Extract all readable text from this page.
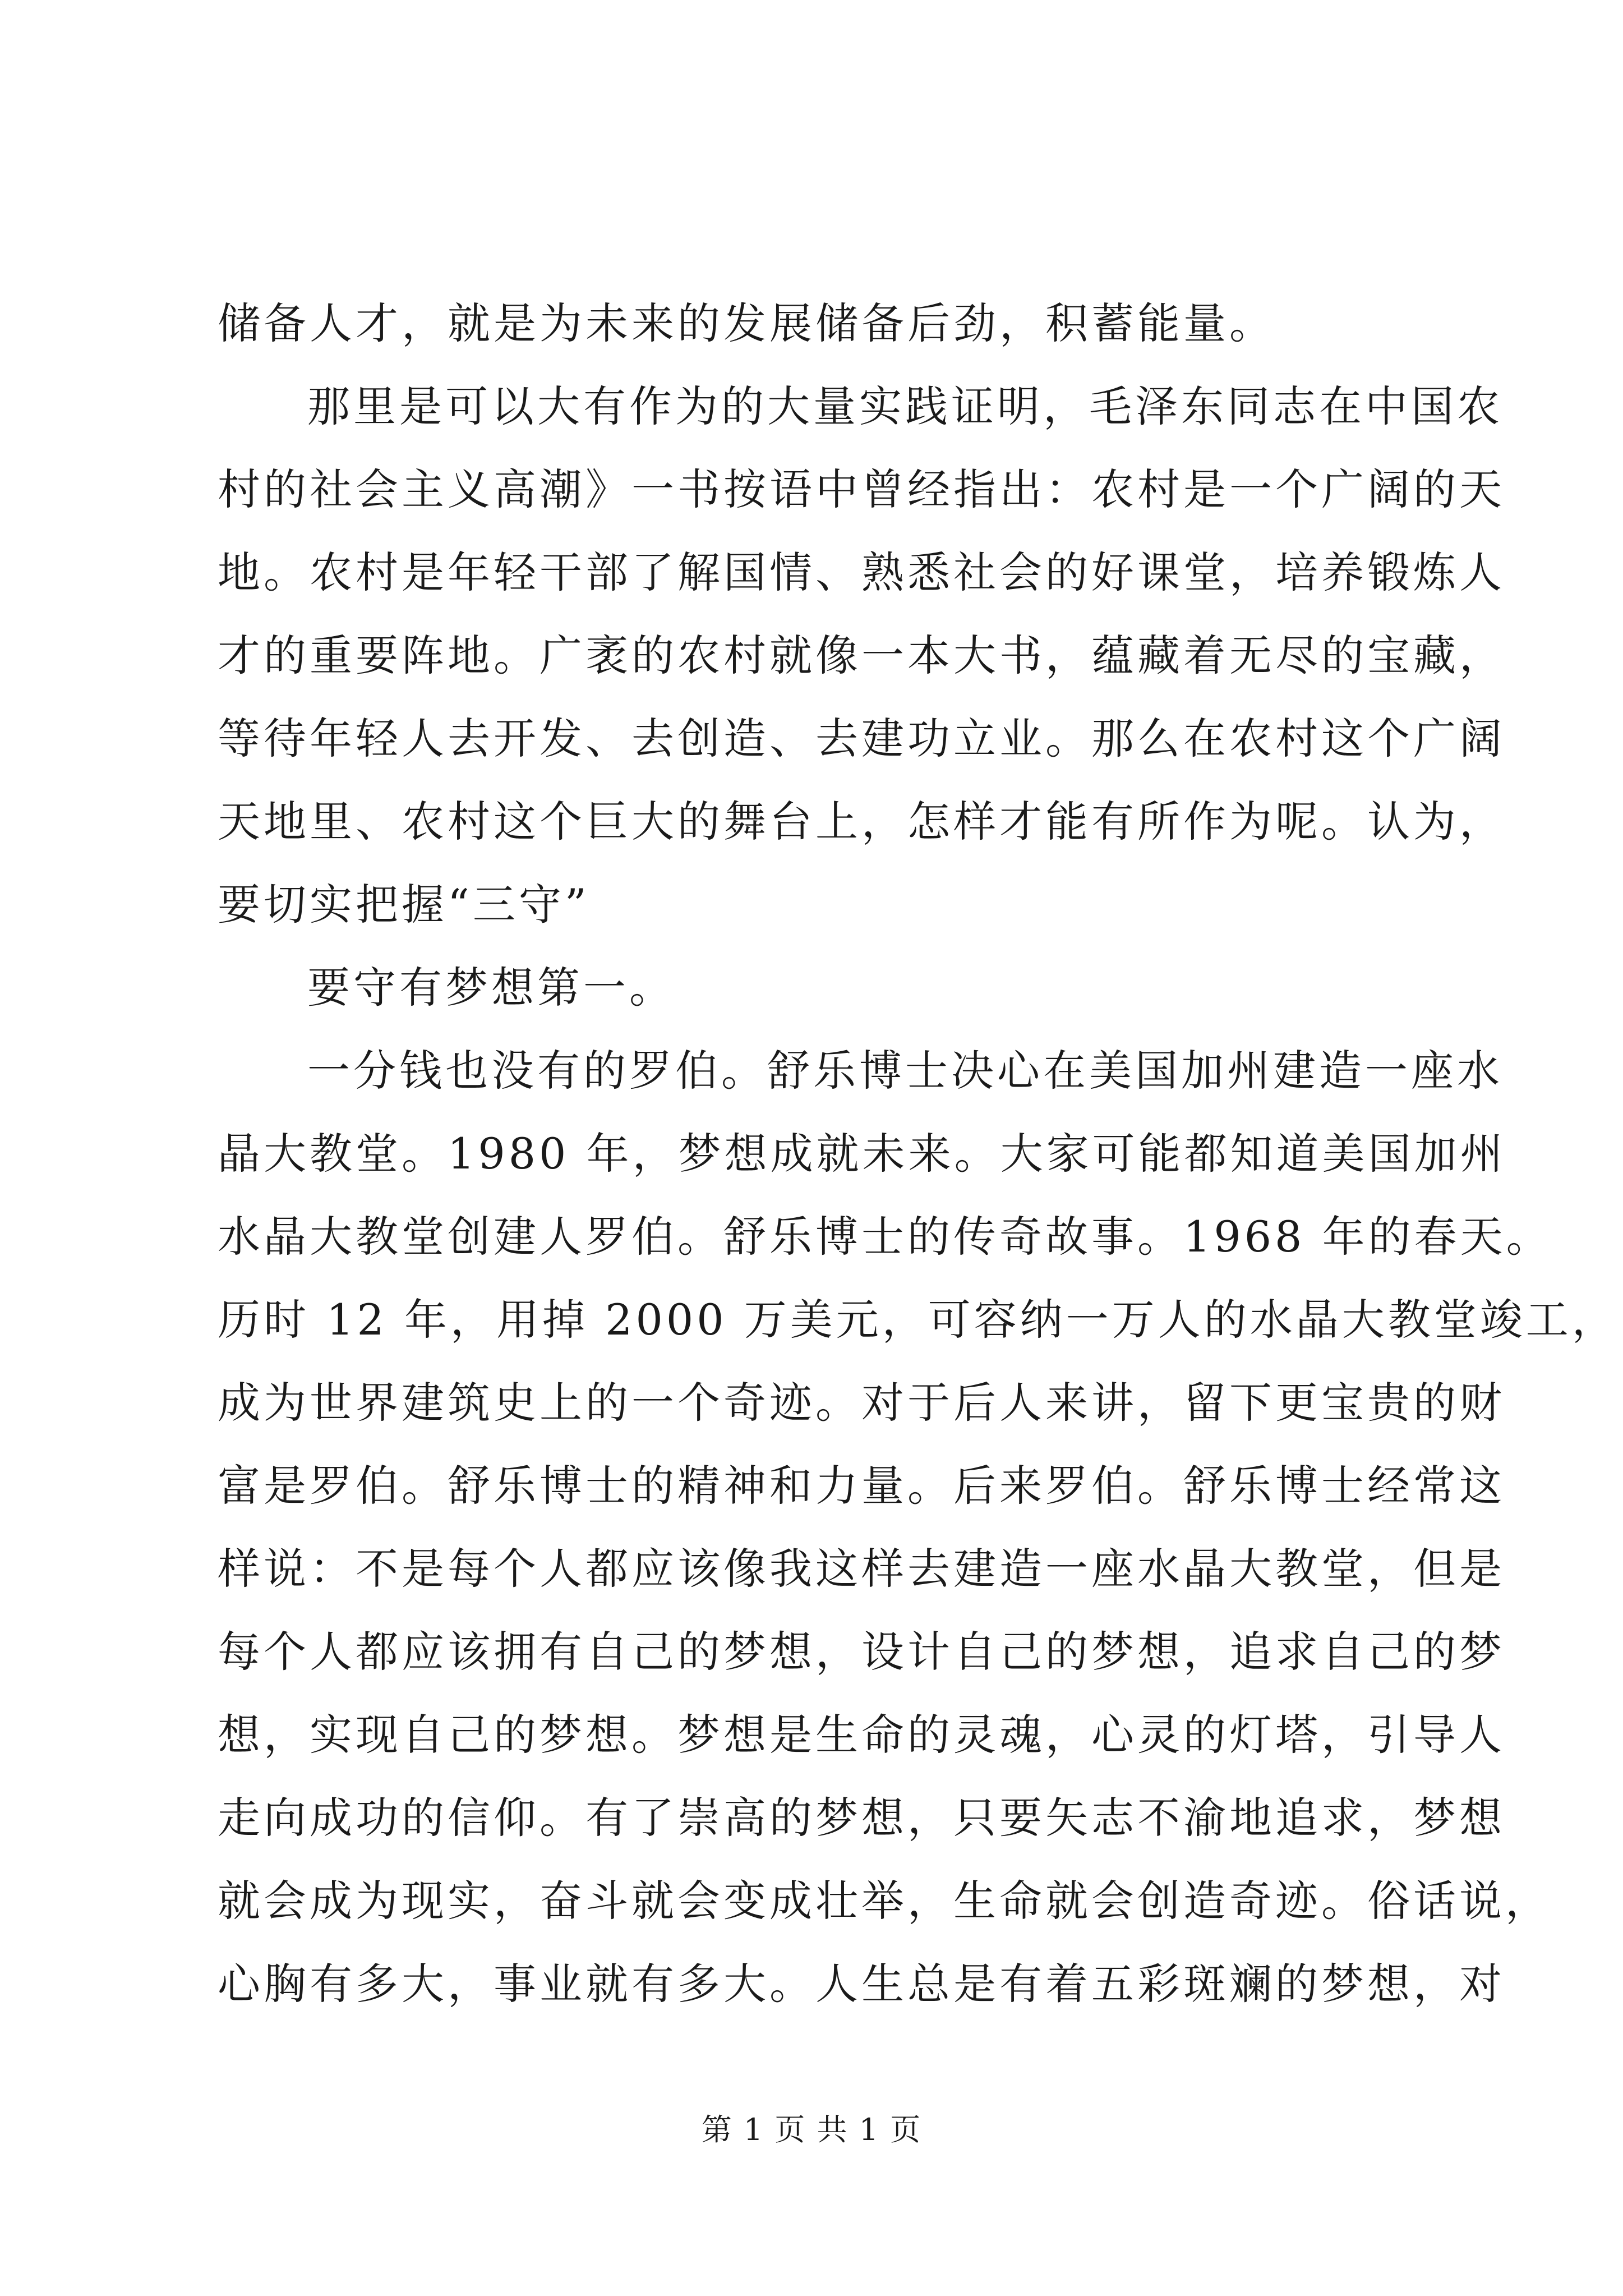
储备人才，就是为未来的发展储备后劲，积蓄能量。
那里是可以大有作为的大量实践证明，毛泽东同志在中国农
村的社会主义高潮》一书按语中曾经指出：农村是一个广阔的天
地。农村是年轻干部了解国情、熟悉社会的好课堂，培养锻炼人
才的重要阵地。广袤的农村就像一本大书，蕴藏着无尽的宝藏，
等待年轻人去开发、去创造、去建功立业。那么在农村这个广阔
天地里、农村这个巨大的舞台上，怎样才能有所作为呢。认为，
要切实把握“三守”
要守有梦想第一。
一分钱也没有的罗伯。舒乐博士决心在美国加州建造一座水
晶大教堂。1980 年，梦想成就未来。大家可能都知道美国加州
水晶大教堂创建人罗伯。舒乐博士的传奇故事。1968 年的春天。
历时 12 年，用掉 2000 万美元，可容纳一万人的水晶大教堂竣工，
成为世界建筑史上的一个奇迹。对于后人来讲，留下更宝贵的财
富是罗伯。舒乐博士的精神和力量。后来罗伯。舒乐博士经常这
样说：不是每个人都应该像我这样去建造一座水晶大教堂，但是
每个人都应该拥有自己的梦想，设计自己的梦想，追求自己的梦
想，实现自己的梦想。梦想是生命的灵魂，心灵的灯塔，引导人
走向成功的信仰。有了崇高的梦想，只要矢志不渝地追求，梦想
就会成为现实，奋斗就会变成壮举，生命就会创造奇迹。俗话说，
心胸有多大，事业就有多大。人生总是有着五彩斑斓的梦想，对
第 1 页 共 1 页
